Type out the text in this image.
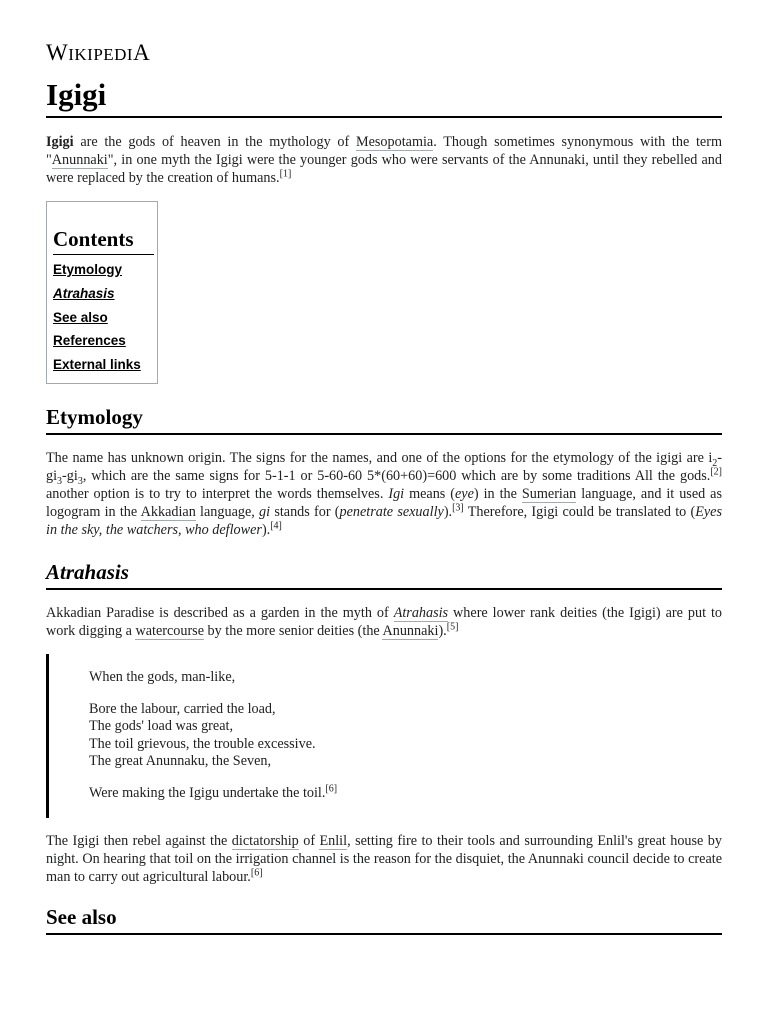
WIKIPEDIA
Igigi

Igigi are the gods of heaven in the mythology of Mesopotamia. Though sometimes synonymous with the term "Anunnaki", in one myth the Igigi were the younger gods who were servants of the Annunaki, until they rebelled and were replaced by the creation of humans.[1]

Contents
Etymology
Atrahasis
See also
References
External links
Etymology

The name has unknown origin. The signs for the names, and one of the options for the etymology of the igigi are $i_2-gi_3-gi_3$, which are the same signs for 5-1-1 or 5-60-60 5*(60+60)=600 which are by some traditions All the gods.[2] another option is to try to interpret the words themselves. Igi means (eye) in the Sumerian language, and it used as logogram in the Akkadian language, gi stands for (penetrate sexually).[3] Therefore, Igigi could be translated to (Eyes in the sky, the watchers, who deflower).[4]

Atrahasis

Akkadian Paradise is described as a garden in the myth of Atrahasis where lower rank deities (the Igigi) are put to work digging a watercourse by the more senior deities (the Anunnaki).[5]

When the gods, man-like,
Bore the labour, carried the load,
The gods' load was great,
The toil grievous, the trouble excessive.
The great Anunnaku, the Seven,
Were making the Igigu undertake the toil.[6]

The Igigi then rebel against the dictatorship of Enlil, setting fire to their tools and surrounding Enlil's great house by night. On hearing that toil on the irrigation channel is the reason for the disquiet, the Anunnaki council decide to create man to carry out agricultural labour.[6]

See also
